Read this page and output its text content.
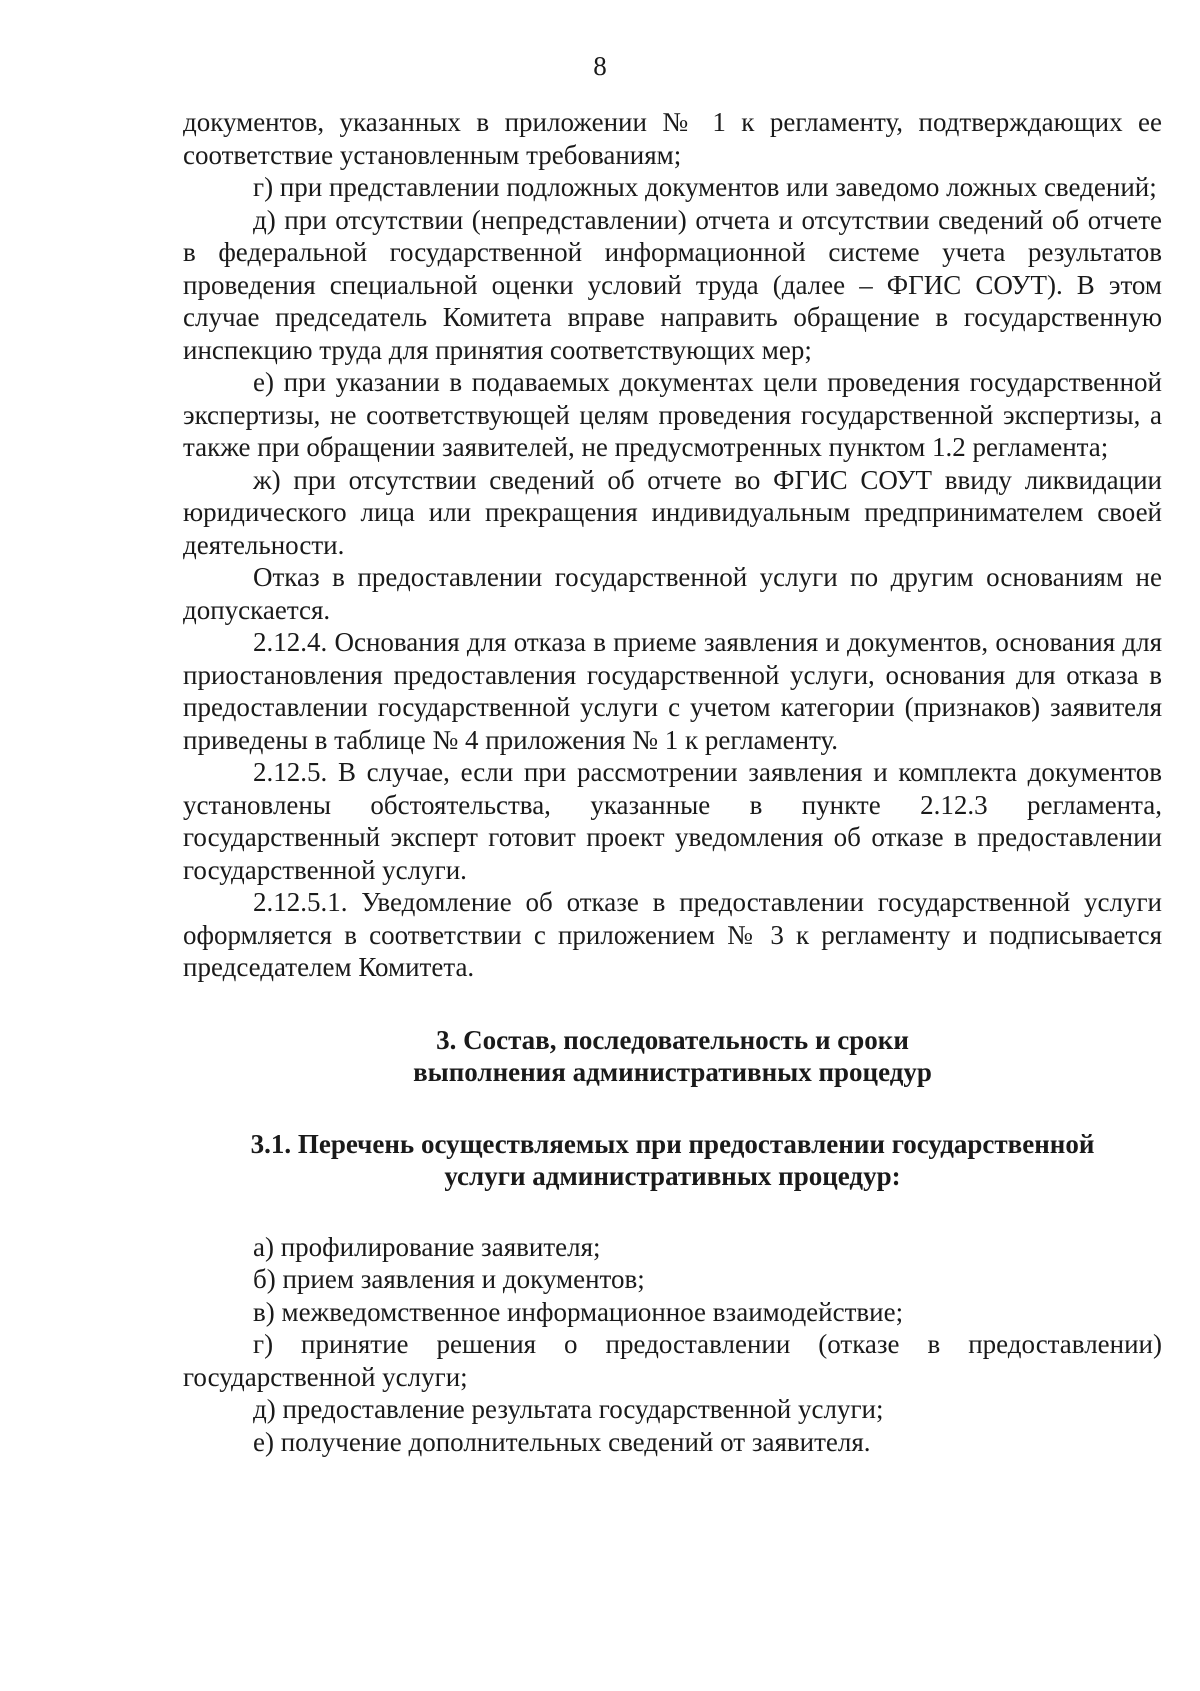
8

документов, указанных в приложении № 1 к регламенту, подтверждающих ее соответствие установленным требованиям;

г) при представлении подложных документов или заведомо ложных сведений;

д) при отсутствии (непредставлении) отчета и отсутствии сведений об отчете в федеральной государственной информационной системе учета результатов проведения специальной оценки условий труда (далее – ФГИС СОУТ). В этом случае председатель Комитета вправе направить обращение в государственную инспекцию труда для принятия соответствующих мер;

е) при указании в подаваемых документах цели проведения государственной экспертизы, не соответствующей целям проведения государственной экспертизы, а также при обращении заявителей, не предусмотренных пунктом 1.2 регламента;

ж) при отсутствии сведений об отчете во ФГИС СОУТ ввиду ликвидации юридического лица или прекращения индивидуальным предпринимателем своей деятельности.

Отказ в предоставлении государственной услуги по другим основаниям не допускается.

2.12.4. Основания для отказа в приеме заявления и документов, основания для приостановления предоставления государственной услуги, основания для отказа в предоставлении государственной услуги с учетом категории (признаков) заявителя приведены в таблице № 4 приложения № 1 к регламенту.

2.12.5. В случае, если при рассмотрении заявления и комплекта документов установлены обстоятельства, указанные в пункте 2.12.3 регламента, государственный эксперт готовит проект уведомления об отказе в предоставлении государственной услуги.

2.12.5.1. Уведомление об отказе в предоставлении государственной услуги оформляется в соответствии с приложением № 3 к регламенту и подписывается председателем Комитета.

3. Состав, последовательность и сроки
выполнения административных процедур

3.1. Перечень осуществляемых при предоставлении государственной
услуги административных процедур:

а) профилирование заявителя;

б) прием заявления и документов;

в) межведомственное информационное взаимодействие;

г) принятие решения о предоставлении (отказе в предоставлении) государственной услуги;

д) предоставление результата государственной услуги;

е) получение дополнительных сведений от заявителя.
